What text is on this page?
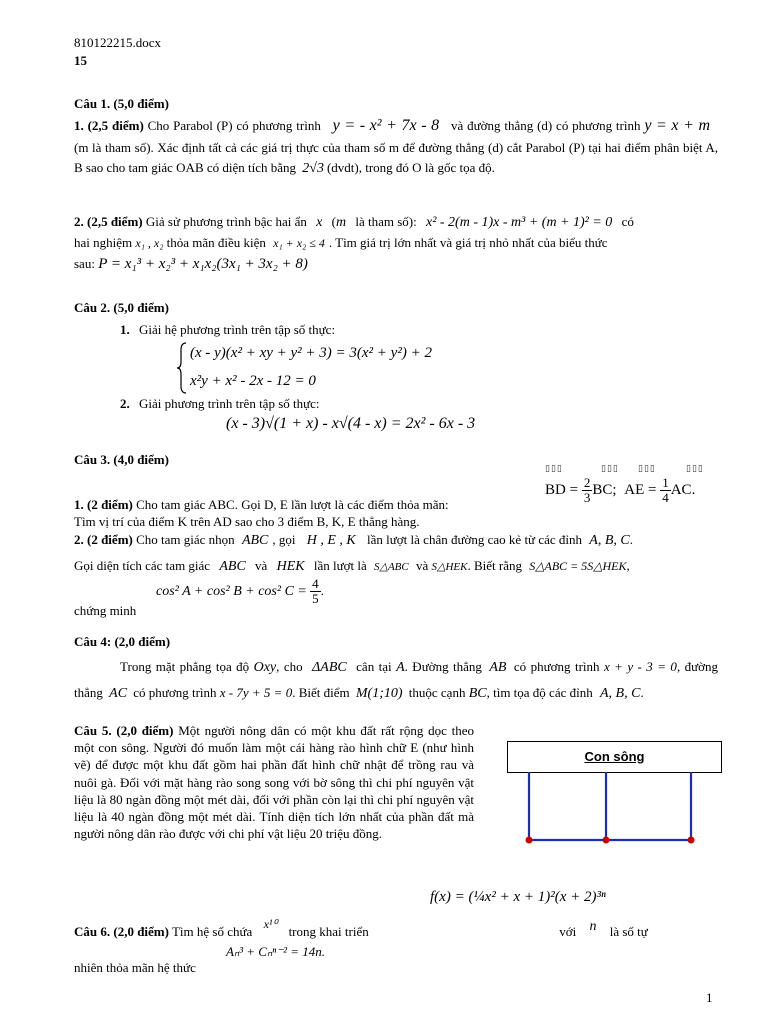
810122215.docx
15
Câu 1. (5,0 điểm)
1. (2,5 điểm) Cho Parabol (P) có phương trình y = - x² + 7x - 8 và đường thẳng (d) có phương trình y = x + m (m là tham số). Xác định tất cả các giá trị thực của tham số m để đường thẳng (d) cắt Parabol (P) tại hai điểm phân biệt A, B sao cho tam giác OAB có diện tích bằng 2√3 (dvdt), trong đó O là gốc tọa độ.
2. (2,5 điểm) Giả sử phương trình bậc hai ẩn x (m là tham số): x² - 2(m - 1)x - m³ + (m + 1)² = 0 có
hai nghiệm x₁ , x₂ thỏa mãn điều kiện x₁ + x₂ ≤ 4 . Tìm giá trị lớn nhất và giá trị nhỏ nhất của biểu thức
sau: P = x₁³ + x₂³ + x₁x₂(3x₁ + 3x₂ + 8)
Câu 2. (5,0 điểm)
1. Giải hệ phương trình trên tập số thực:
(x - y)(x² + xy + y² + 3) = 3(x² + y²) + 2
x²y + x² - 2x - 12 = 0
2. Giải phương trình trên tập số thực:
(x - 3)√(1 + x) - x√(4 - x) = 2x² - 6x - 3
Câu 3. (4,0 điểm)
▯▯▯	▯▯▯ ▯▯▯	▯▯▯
BD = $\frac{2}{3}$ BC; AE = $\frac{1}{4}$ AC.
1. (2 điểm) Cho tam giác ABC. Gọi D, E lần lượt là các điểm thỏa mãn:
Tìm vị trí của điểm K trên AD sao cho 3 điểm B, K, E thẳng hàng.
2. (2 điểm) Cho tam giác nhọn ABC , gọi H , E , K lần lượt là chân đường cao kẻ từ các đỉnh A, B, C.
Gọi diện tích các tam giác ABC và HEK lần lượt là S△ABC và S△HEK. Biết rằng S△ABC = 5S△HEK,
cos² A + cos² B + cos² $C = \frac{4}{5}$ .
chứng minh
Câu 4: (2,0 điểm)
Trong mặt phẳng tọa độ Oxy, cho ΔABC cân tại A. Đường thẳng AB có phương trình x + y - 3 = 0, đường thẳng AC có phương trình x - 7y + 5 = 0. Biết điểm M(1;10) thuộc cạnh BC, tìm tọa độ các đỉnh A, B, C.
Câu 5. (2,0 điểm) Một người nông dân có một khu đất rất rộng dọc theo một con sông. Người đó muốn làm một cái hàng rào hình chữ E (như hình vẽ) để được một khu đất gồm hai phần đất hình chữ nhật để trồng rau và nuôi gà. Đối với mặt hàng rào song song với bờ sông thì chi phí nguyên vật liệu là 80 ngàn đồng một mét dài, đối với phần còn lại thì chi phí nguyên vật liệu là 40 ngàn đồng một mét dài. Tính diện tích lớn nhất của phần đất mà người nông dân rào được với chi phí vật liệu 20 triệu đồng.
Con sông
f(x) = (¼x² + x + 1)²(x + 2)³ⁿ
Câu 6. (2,0 điểm) Tìm hệ số chứa x¹⁰ trong khai triển	với n là số tự
Aₙ³ + Cₙⁿ⁻² = 14n.
nhiên thỏa mãn hệ thức
1
